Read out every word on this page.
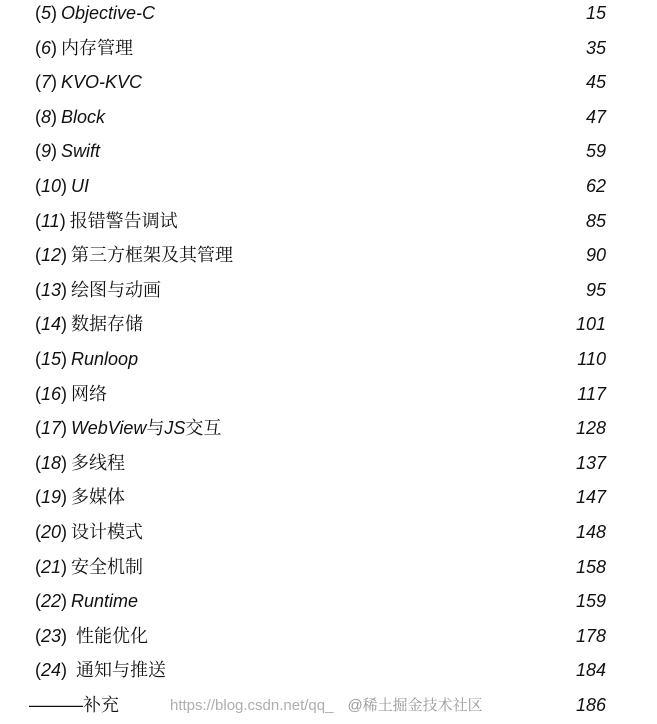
(5) Objective-C	15
(6) 内存管理	35
(7) KVO-KVC	45
(8) Block	47
(9) Swift	59
(10) UI	62
(11) 报错警告调试	85
(12) 第三方框架及其管理	90
(13) 绘图与动画	95
(14) 数据存储	101
(15) Runloop	110
(16) 网络	117
(17) WebView与JS交互	128
(18) 多线程	137
(19) 多媒体	147
(20) 设计模式	148
(21) 安全机制	158
(22) Runtime	159
(23) 性能优化	178
(24) 通知与推送	184
———补充	186
https://blog.csdn.net/qq_ @稀土掘金技术社区
